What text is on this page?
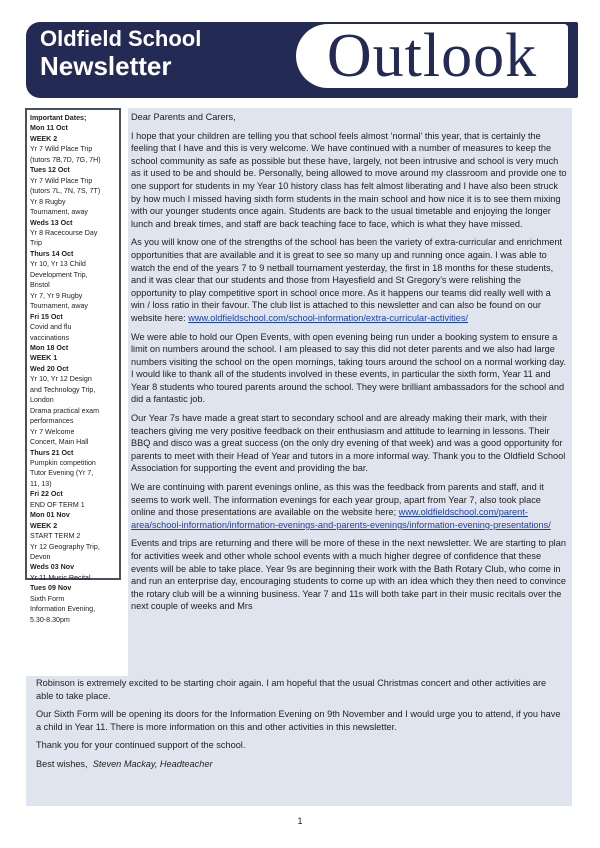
Oldfield School
Newsletter	Outlook
Important Dates;
Mon 11 Oct
WEEK 2
Yr 7 Wild Place Trip
(tutors 7B,7D, 7G, 7H)
Tues 12 Oct
Yr 7 Wild Place Trip
(tutors 7L, 7N, 7S, 7T)
Yr 8 Rugby
Tournament, away
Weds 13 Oct
Yr 8 Racecourse Day
Trip
Thurs 14 Oct
Yr 10, Yr 13 Child
Development Trip,
Bristol
Yr 7, Yr 9 Rugby
Tournament, away
Fri 15 Oct
Covid and flu
vaccinations
Mon 18 Oct
WEEK 1
Wed 20 Oct
Yr 10, Yr 12 Design
and Technology Trip,
London
Drama practical exam
performances
Yr 7 Welcome
Concert, Main Hall
Thurs 21 Oct
Pumpkin competition
Tutor Evening (Yr 7,
11, 13)
Fri 22 Oct
END OF TERM 1
Mon 01 Nov
WEEK 2
START TERM 2
Yr 12 Geography Trip,
Devon
Weds 03 Nov
Yr 11 Music Recital
Tues 09 Nov
Sixth Form
Information Evening,
5.30-8.30pm

Dear Parents and Carers,

I hope that your children are telling you that school feels almost ‘normal’ this year, that is certainly the feeling that I have and this is very welcome. We have continued with a number of measures to keep the school community as safe as possible but these have, largely, not been intrusive and school is very much as it used to be and should be. Personally, being allowed to move around my classroom and provide one to one support for students in my Year 10 history class has felt almost liberating and I have also been struck by how much I missed having sixth form students in the main school and how nice it is to see them mixing with our younger students once again. Students are back to the usual timetable and enjoying the longer lunch and break times, and staff are back teaching face to face, which is what they have missed.

As you will know one of the strengths of the school has been the variety of extra-curricular and enrichment opportunities that are available and it is great to see so many up and running once again. I was able to watch the end of the years 7 to 9 netball tournament yesterday, the first in 18 months for these students, and it was clear that our students and those from Hayesfield and St Gregory’s were relishing the opportunity to play competitive sport in school once more. As it happens our teams did really well with a win / loss ratio in their favour. The club list is attached to this newsletter and can also be found on our website here: www.oldfieldschool.com/school-information/extra-curricular-activities/

We were able to hold our Open Events, with open evening being run under a booking system to ensure a limit on numbers around the school. I am pleased to say this did not deter parents and we also had large numbers visiting the school on the open mornings, taking tours around the school on a normal working day. I would like to thank all of the students involved in these events, in particular the sixth form, Year 11 and Year 8 students who toured parents around the school. They were brilliant ambassadors for the school and did a fantastic job.

Our Year 7s have made a great start to secondary school and are already making their mark, with their teachers giving me very positive feedback on their enthusiasm and attitude to learning in lessons. Their BBQ and disco was a great success (on the only dry evening of that week) and was a good opportunity for parents to meet with their Head of Year and tutors in a more informal way. Thank you to the Oldfield School Association for supporting the event and providing the bar.

We are continuing with parent evenings online, as this was the feedback from parents and staff, and it seems to work well. The information evenings for each year group, apart from Year 7, also took place online and those presentations are available on the website here; www.oldfieldschool.com/parent-area/school-information/information-evenings-and-parents-evenings/information-evening-presentations/

Events and trips are returning and there will be more of these in the next newsletter. We are starting to plan for activities week and other whole school events with a much higher degree of confidence that these events will be able to take place. Year 9s are beginning their work with the Bath Rotary Club, who come in and run an enterprise day, encouraging students to come up with an idea which they then need to convince the rotary club will be a winning business. Year 7 and 11s will both take part in their music recitals over the next couple of weeks and Mrs

Robinson is extremely excited to be starting choir again. I am hopeful that the usual Christmas concert and other activities are able to take place.

Our Sixth Form will be opening its doors for the Information Evening on 9th November and I would urge you to attend, if you have a child in Year 11. There is more information on this and other activities in this newsletter.

Thank you for your continued support of the school.

Best wishes, Steven Mackay, Headteacher

1
